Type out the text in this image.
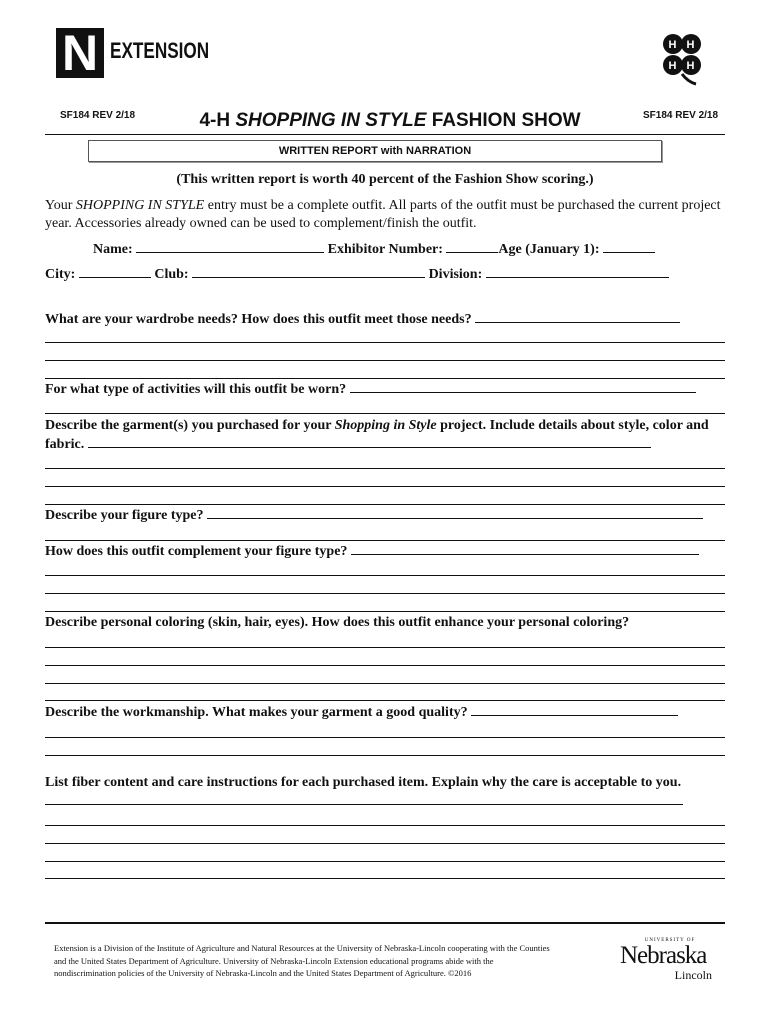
N EXTENSION	H H
H H
SF184 REV 2/18	SF184 REV 2/18
4-H SHOPPING IN STYLE FASHION SHOW
WRITTEN REPORT with NARRATION
(This written report is worth 40 percent of the Fashion Show scoring.)
Your SHOPPING IN STYLE entry must be a complete outfit. All parts of the outfit must be purchased the current project year. Accessories already owned can be used to complement/finish the outfit.
Name:	Exhibitor Number:	Age (January 1):
City:	Club:	Division:
What are your wardrobe needs? How does this outfit meet those needs?
For what type of activities will this outfit be worn?
Describe the garment(s) you purchased for your Shopping in Style project. Include details about style, color and fabric.
Describe your figure type?
How does this outfit complement your figure type?
Describe personal coloring (skin, hair, eyes). How does this outfit enhance your personal coloring?
Describe the workmanship. What makes your garment a good quality?
List fiber content and care instructions for each purchased item. Explain why the care is acceptable to you.
Extension is a Division of the Institute of Agriculture and Natural Resources at the University of Nebraska-Lincoln cooperating with the Counties and the United States Department of Agriculture. University of Nebraska-Lincoln Extension educational programs abide with the nondiscrimination policies of the University of Nebraska-Lincoln and the United States Department of Agriculture. ©2016
UNIVERSITY OF
Nebraska
Lincoln
